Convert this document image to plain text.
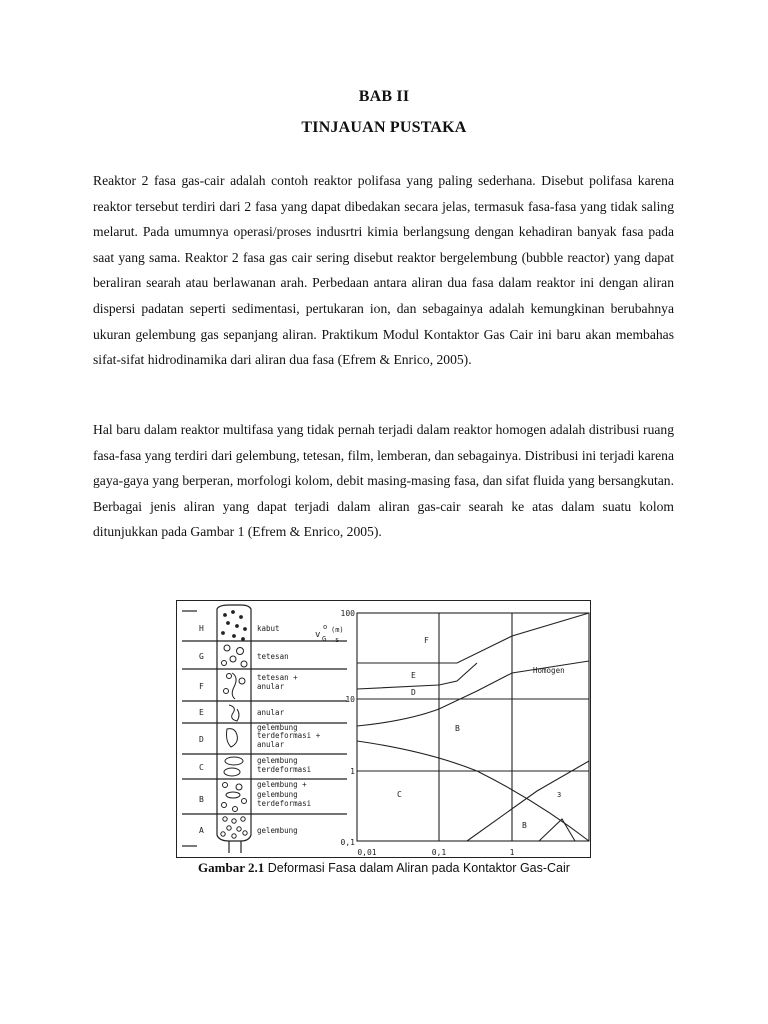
BAB II
TINJAUAN PUSTAKA

Reaktor 2 fasa gas-cair adalah contoh reaktor polifasa yang paling sederhana. Disebut polifasa karena reaktor tersebut terdiri dari 2 fasa yang dapat dibedakan secara jelas, termasuk fasa-fasa yang tidak saling melarut. Pada umumnya operasi/proses indusrtri kimia berlangsung dengan kehadiran banyak fasa pada saat yang sama. Reaktor 2 fasa gas cair sering disebut reaktor bergelembung (bubble reactor) yang dapat beraliran searah atau berlawanan arah. Perbedaan antara aliran dua fasa dalam reaktor ini dengan aliran dispersi padatan seperti sedimentasi, pertukaran ion, dan sebagainya adalah kemungkinan berubahnya ukuran gelembung gas sepanjang aliran. Praktikum Modul Kontaktor Gas Cair ini baru akan membahas sifat-sifat hidrodinamika dari aliran dua fasa (Efrem & Enrico, 2005).

Hal baru dalam reaktor multifasa yang tidak pernah terjadi dalam reaktor homogen adalah distribusi ruang fasa-fasa yang terdiri dari gelembung, tetesan, film, lemberan, dan sebagainya. Distribusi ini terjadi karena gaya-gaya yang berperan, morfologi kolom, debit masing-masing fasa, dan sifat fluida yang bersangkutan. Berbagai jenis aliran yang dapat terjadi dalam aliran gas-cair searah ke atas dalam suatu kolom ditunjukkan pada Gambar 1 (Efrem & Enrico, 2005).

H
G
F
E
D
C
B
A
kabut
tetesan
tetesan +
anular
anular
gelembung
terdeformasi +
anular
gelembung
terdeformasi
gelembung +
gelembung
terdeformasi
gelembung
v
o
G
(m)
s
100
10
1
0,1
0,01	0,1	1
F
E
D
B
C
B
Homogen
3
Gambar 2.1 Deformasi Fasa dalam Aliran pada Kontaktor Gas-Cair
